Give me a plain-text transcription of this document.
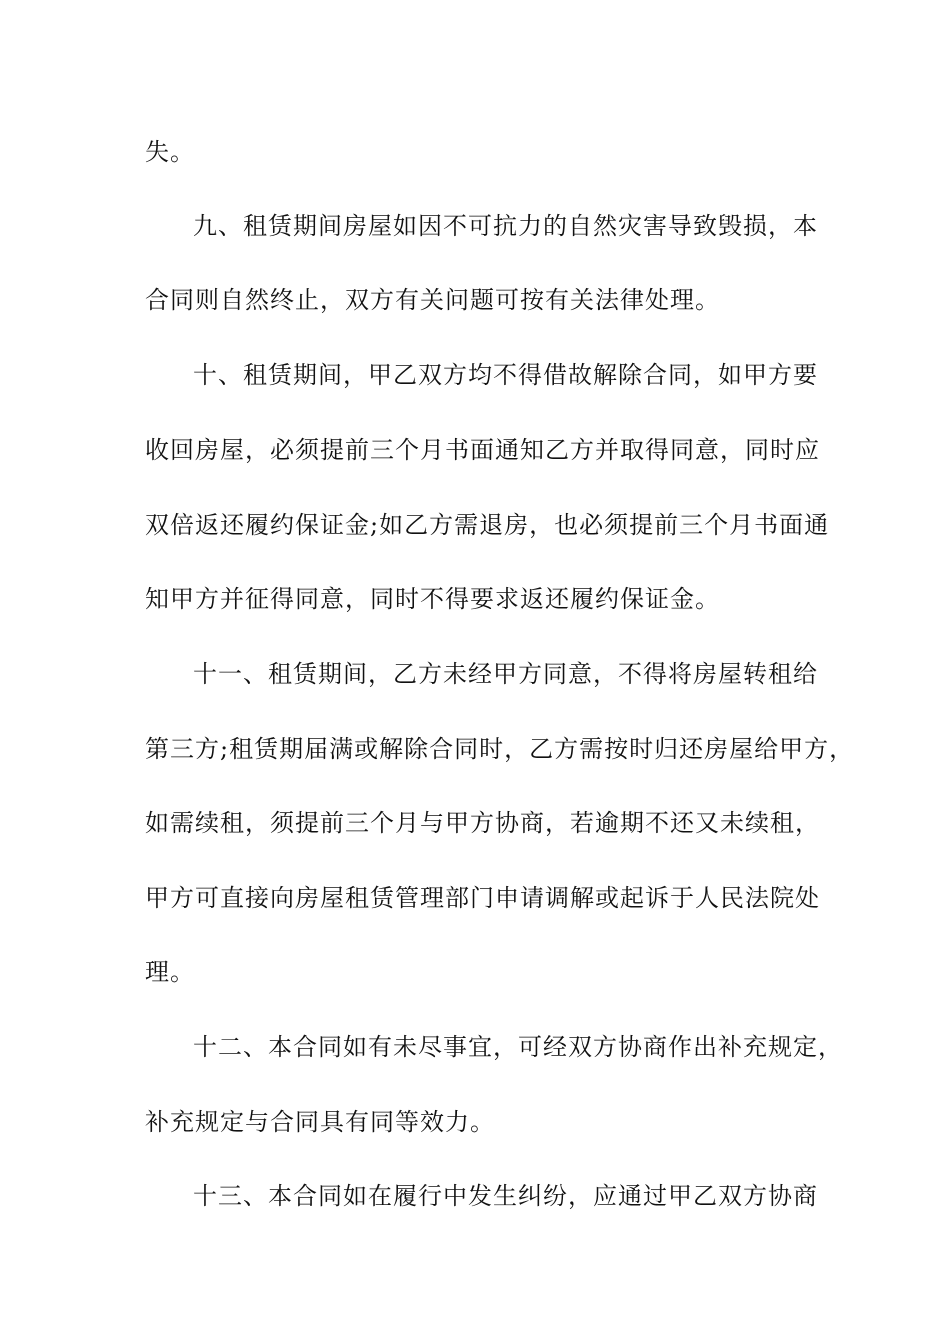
失。
九、租赁期间房屋如因不可抗力的自然灾害导致毁损，本
合同则自然终止，双方有关问题可按有关法律处理。
十、租赁期间，甲乙双方均不得借故解除合同，如甲方要
收回房屋，必须提前三个月书面通知乙方并取得同意，同时应
双倍返还履约保证金;如乙方需退房，也必须提前三个月书面通
知甲方并征得同意，同时不得要求返还履约保证金。
十一、租赁期间，乙方未经甲方同意，不得将房屋转租给
第三方;租赁期届满或解除合同时，乙方需按时归还房屋给甲方，
如需续租，须提前三个月与甲方协商，若逾期不还又未续租，
甲方可直接向房屋租赁管理部门申请调解或起诉于人民法院处
理。
十二、本合同如有未尽事宜，可经双方协商作出补充规定，
补充规定与合同具有同等效力。
十三、本合同如在履行中发生纠纷，应通过甲乙双方协商
